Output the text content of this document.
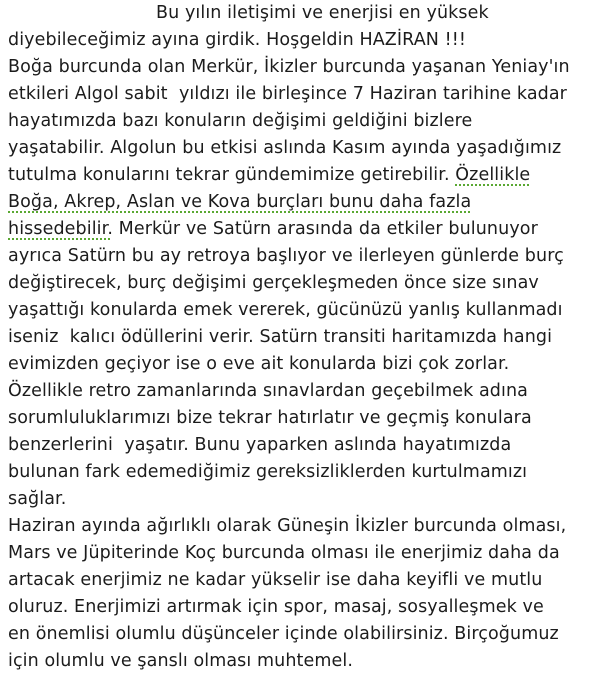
Bu yılın iletişimi ve enerjisi en yüksek
diyebileceğimiz ayına girdik. Hoşgeldin HAZİRAN !!!
Boğa burcunda olan Merkür, İkizler burcunda yaşanan Yeniay'ın
etkileri Algol sabit  yıldızı ile birleşince 7 Haziran tarihine kadar
hayatımızda bazı konuların değişimi geldiğini bizlere
yaşatabilir. Algolun bu etkisi aslında Kasım ayında yaşadığımız
tutulma konularını tekrar gündemimize getirebilir. Özellikle
Boğa, Akrep, Aslan ve Kova burçları bunu daha fazla
hissedebilir. Merkür ve Satürn arasında da etkiler bulunuyor
ayrıca Satürn bu ay retroya başlıyor ve ilerleyen günlerde burç
değiştirecek, burç değişimi gerçekleşmeden önce size sınav
yaşattığı konularda emek vererek, gücünüzü yanlış kullanmadı
iseniz  kalıcı ödüllerini verir. Satürn transiti haritamızda hangi
evimizden geçiyor ise o eve ait konularda bizi çok zorlar.
Özellikle retro zamanlarında sınavlardan geçebilmek adına
sorumluluklarımızı bize tekrar hatırlatır ve geçmiş konulara
benzerlerini  yaşatır. Bunu yaparken aslında hayatımızda
bulunan fark edemediğimiz gereksizliklerden kurtulmamızı
sağlar.
Haziran ayında ağırlıklı olarak Güneşin İkizler burcunda olması,
Mars ve Jüpiterinde Koç burcunda olması ile enerjimiz daha da
artacak enerjimiz ne kadar yükselir ise daha keyifli ve mutlu
oluruz. Enerjimizi artırmak için spor, masaj, sosyalleşmek ve
en önemlisi olumlu düşünceler içinde olabilirsiniz. Birçoğumuz
için olumlu ve şanslı olması muhtemel.
